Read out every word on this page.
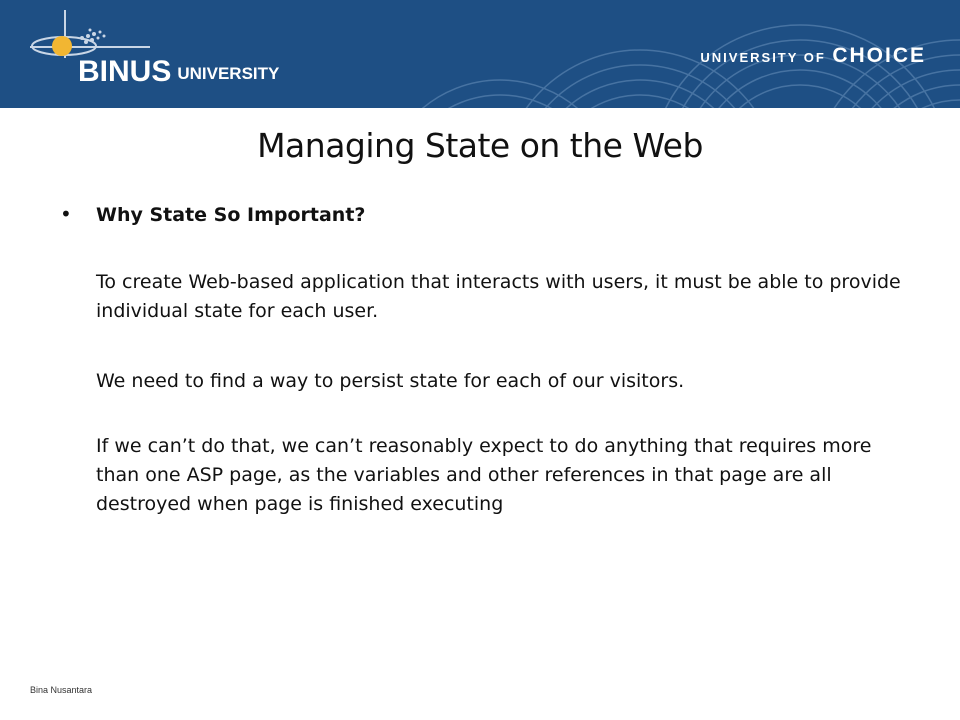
BINUS UNIVERSITY
UNIVERSITY OF CHOICE
Managing State on the Web
•	Why State So Important?

To create Web-based application that interacts with users, it must be able to provide individual state for each user.

We need to find a way to persist state for each of our visitors.

If we can’t do that, we can’t reasonably expect to do anything that requires more than one ASP page, as the variables and other references in that page are all destroyed when page is finished executing

Bina Nusantara
